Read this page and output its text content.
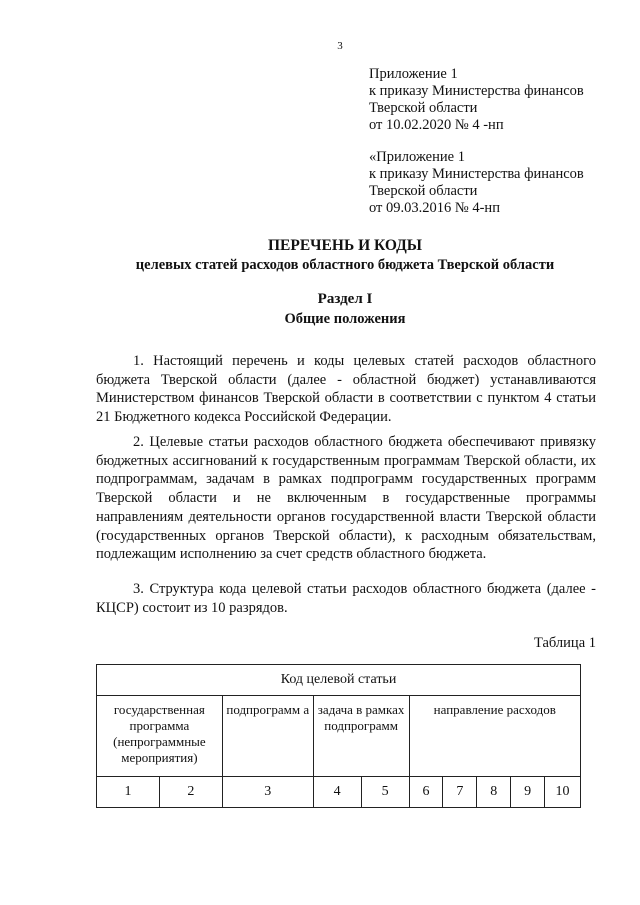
3
Приложение 1
к приказу Министерства финансов
Тверской области
от 10.02.2020 № 4 -нп
«Приложение 1
к приказу Министерства финансов
Тверской области
от 09.03.2016 № 4-нп
ПЕРЕЧЕНЬ И КОДЫ
целевых статей расходов областного бюджета Тверской области
Раздел I
Общие положения
1. Настоящий перечень и коды целевых статей расходов областного бюджета Тверской области (далее - областной бюджет) устанавливаются Министерством финансов Тверской области в соответствии с пунктом 4 статьи 21 Бюджетного кодекса Российской Федерации.
2. Целевые статьи расходов областного бюджета обеспечивают привязку бюджетных ассигнований к государственным программам Тверской области, их подпрограммам, задачам в рамках подпрограмм государственных программ Тверской области и не включенным в государственные программы направлениям деятельности органов государственной власти Тверской области (государственных органов Тверской области), к расходным обязательствам, подлежащим исполнению за счет средств областного бюджета.
3. Структура кода целевой статьи расходов областного бюджета (далее - КЦСР) состоит из 10 разрядов.
Таблица 1
Код целевой статьи									
государственная программа (непрограммные мероприятия)		подпрограмм а	задача в рамках подпрограмм		направление расходов				
1	2	3	4	5	6	7	8	9	10
